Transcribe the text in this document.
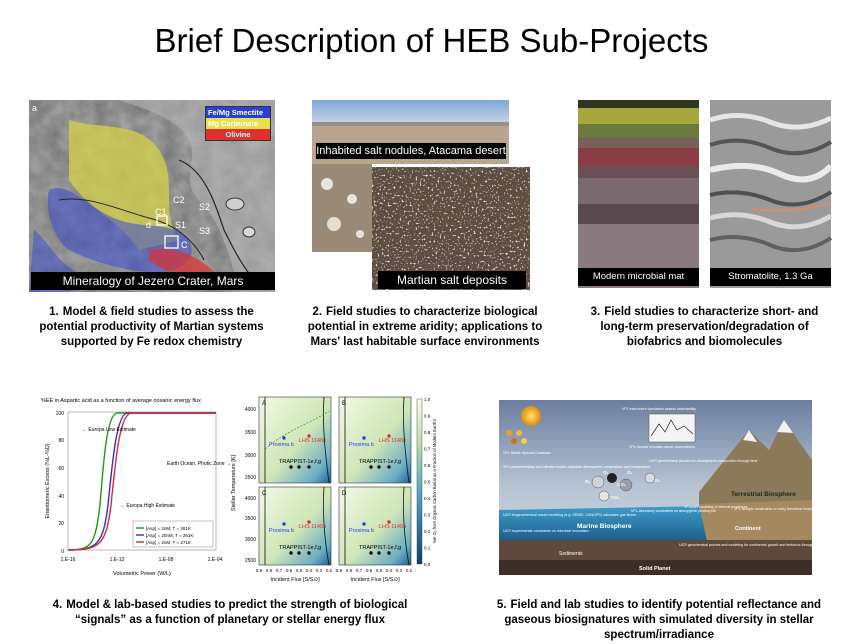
Brief Description of HEB Sub-Projects
a
C2
C1
d
S2
S1
S3
C
Fe/Mg Smectite
Mg Carbonate
Olivine
Mineralogy of Jezero Crater, Mars
1. Model & field studies to assess the potential productivity of Martian systems supported by Fe redox chemistry
Inhabited salt nodules, Atacama desert
Martian salt deposits
2. Field studies to characterize biological potential in extreme aridity; applications to Mars' last habitable surface environments
Modern microbial mat	Stromatolite, 1.3 Ga
3. Field studies to characterize short- and long-term preservation/degradation of biofabrics and biomolecules
%EE in Aspartic acid as a function of average oceanic energy flux
100
80
60
40
20
0
1.E-16	1.E-12	1.E-08	1.E-04
Volumetric Power (W/L)
Enantiomeric Excess (%L-%D)
← Europa Low Estimate
Earth Ocean, Photic Zone →
← Europa High Estimate
[Asp] = 2nM, T = 261K
[Asp] = 20nM, T = 261K
[Asp] = 2nM, T = 271K
Stellar Temperature [K]
A
Proxima b
LHS 1140b
TRAPPIST-1e,f,g
B
Proxima b
LHS 1140b
TRAPPIST-1e,f,g
C
Proxima b
LHS 1140b
TRAPPIST-1e,f,g
D
Proxima b
LHS 1140b
TRAPPIST-1e,f,g
4000
3500
3000
2500
4000
3500
3000
2500
0.9 0.8 0.7 0.6 0.5 0.4 0.3 0.2 0.9 0.8 0.7 0.6 0.5 0.4 0.3 0.2
Incident Flux [S/S⊙]	Incident Flux [S/S⊙]
1.0
0.9
0.8
0.7
0.6
0.5
0.4
0.3
0.2
0.1
0.0
Net O₂ from Organic Carbon Burial as a Fraction of Modern Earth's
4. Model & lab-based studies to predict the strength of biological “signals” as a function of planetary or stellar energy flux
VPL instrument simulators assess detectability
VPL models simulate planet observations
VPL Stellar Spectra Database
UCR geochemical proxies for atmospheric composition through time
VPL photochemistry and climate models calculate atmospheric composition and temperature
UCR biogeochemical ocean modeling (e.g. GENIE, CANOPS) calculates gas fluxes
VPL laboratory constraints on anoxygenic photosynth
VPLanet modeling of internal processes
VPL isotopic constraints on early terrestrial biosphere
UCR experimental constraints on microbial innovation
UCR geochemical proxies and modeling for continental growth and tectonics through time
O₂	O₃
CO₂
O₂	N₂
CH₄	Terrestrial Biosphere
Continent
Marine Biosphere
Sediments
Solid Planet
5. Field and lab studies to identify potential reflectance and gaseous biosignatures with simulated diversity in stellar spectrum/irradiance
